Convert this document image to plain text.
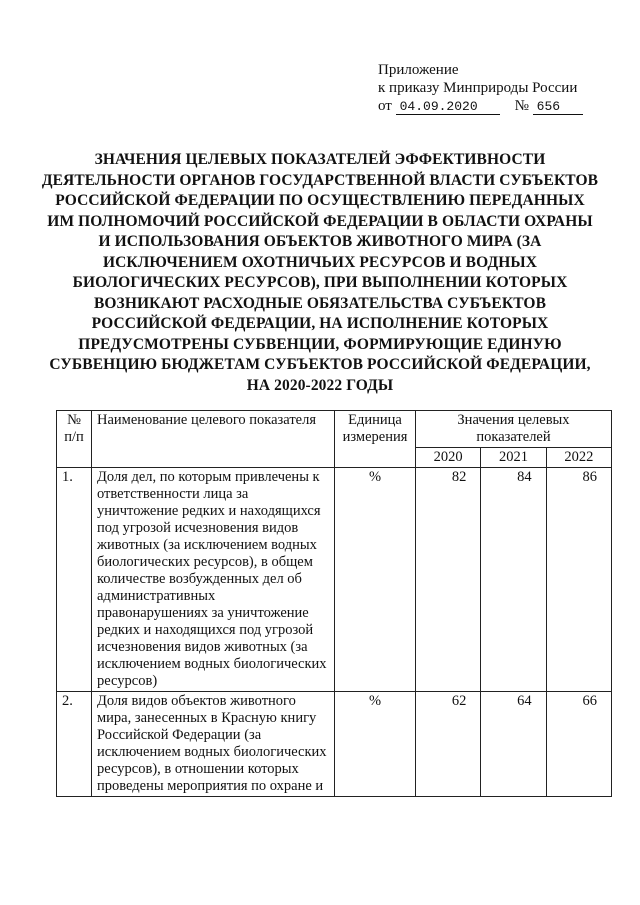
Приложение
к приказу Минприроды России
от 04.09.2020 № 656
ЗНАЧЕНИЯ ЦЕЛЕВЫХ ПОКАЗАТЕЛЕЙ ЭФФЕКТИВНОСТИ ДЕЯТЕЛЬНОСТИ ОРГАНОВ ГОСУДАРСТВЕННОЙ ВЛАСТИ СУБЪЕКТОВ РОССИЙСКОЙ ФЕДЕРАЦИИ ПО ОСУЩЕСТВЛЕНИЮ ПЕРЕДАННЫХ ИМ ПОЛНОМОЧИЙ РОССИЙСКОЙ ФЕДЕРАЦИИ В ОБЛАСТИ ОХРАНЫ И ИСПОЛЬЗОВАНИЯ ОБЪЕКТОВ ЖИВОТНОГО МИРА (ЗА ИСКЛЮЧЕНИЕМ ОХОТНИЧЬИХ РЕСУРСОВ И ВОДНЫХ БИОЛОГИЧЕСКИХ РЕСУРСОВ), ПРИ ВЫПОЛНЕНИИ КОТОРЫХ ВОЗНИКАЮТ РАСХОДНЫЕ ОБЯЗАТЕЛЬСТВА СУБЪЕКТОВ РОССИЙСКОЙ ФЕДЕРАЦИИ, НА ИСПОЛНЕНИЕ КОТОРЫХ ПРЕДУСМОТРЕНЫ СУБВЕНЦИИ, ФОРМИРУЮЩИЕ ЕДИНУЮ СУБВЕНЦИЮ БЮДЖЕТАМ СУБЪЕКТОВ РОССИЙСКОЙ ФЕДЕРАЦИИ, НА 2020-2022 ГОДЫ
№ п/п	Наименование целевого показателя	Единица измерения	Значения целевых показателей		
			2020	2021	2022
1.	Доля дел, по которым привлечены к ответственности лица за уничтожение редких и находящихся под угрозой исчезновения видов животных (за исключением водных биологических ресурсов), в общем количестве возбужденных дел об административных правонарушениях за уничтожение редких и находящихся под угрозой исчезновения видов животных (за исключением водных биологических ресурсов)	%	82	84	86
2.	Доля видов объектов животного мира, занесенных в Красную книгу Российской Федерации (за исключением водных биологических ресурсов), в отношении которых проведены мероприятия по охране и	%	62	64	66
